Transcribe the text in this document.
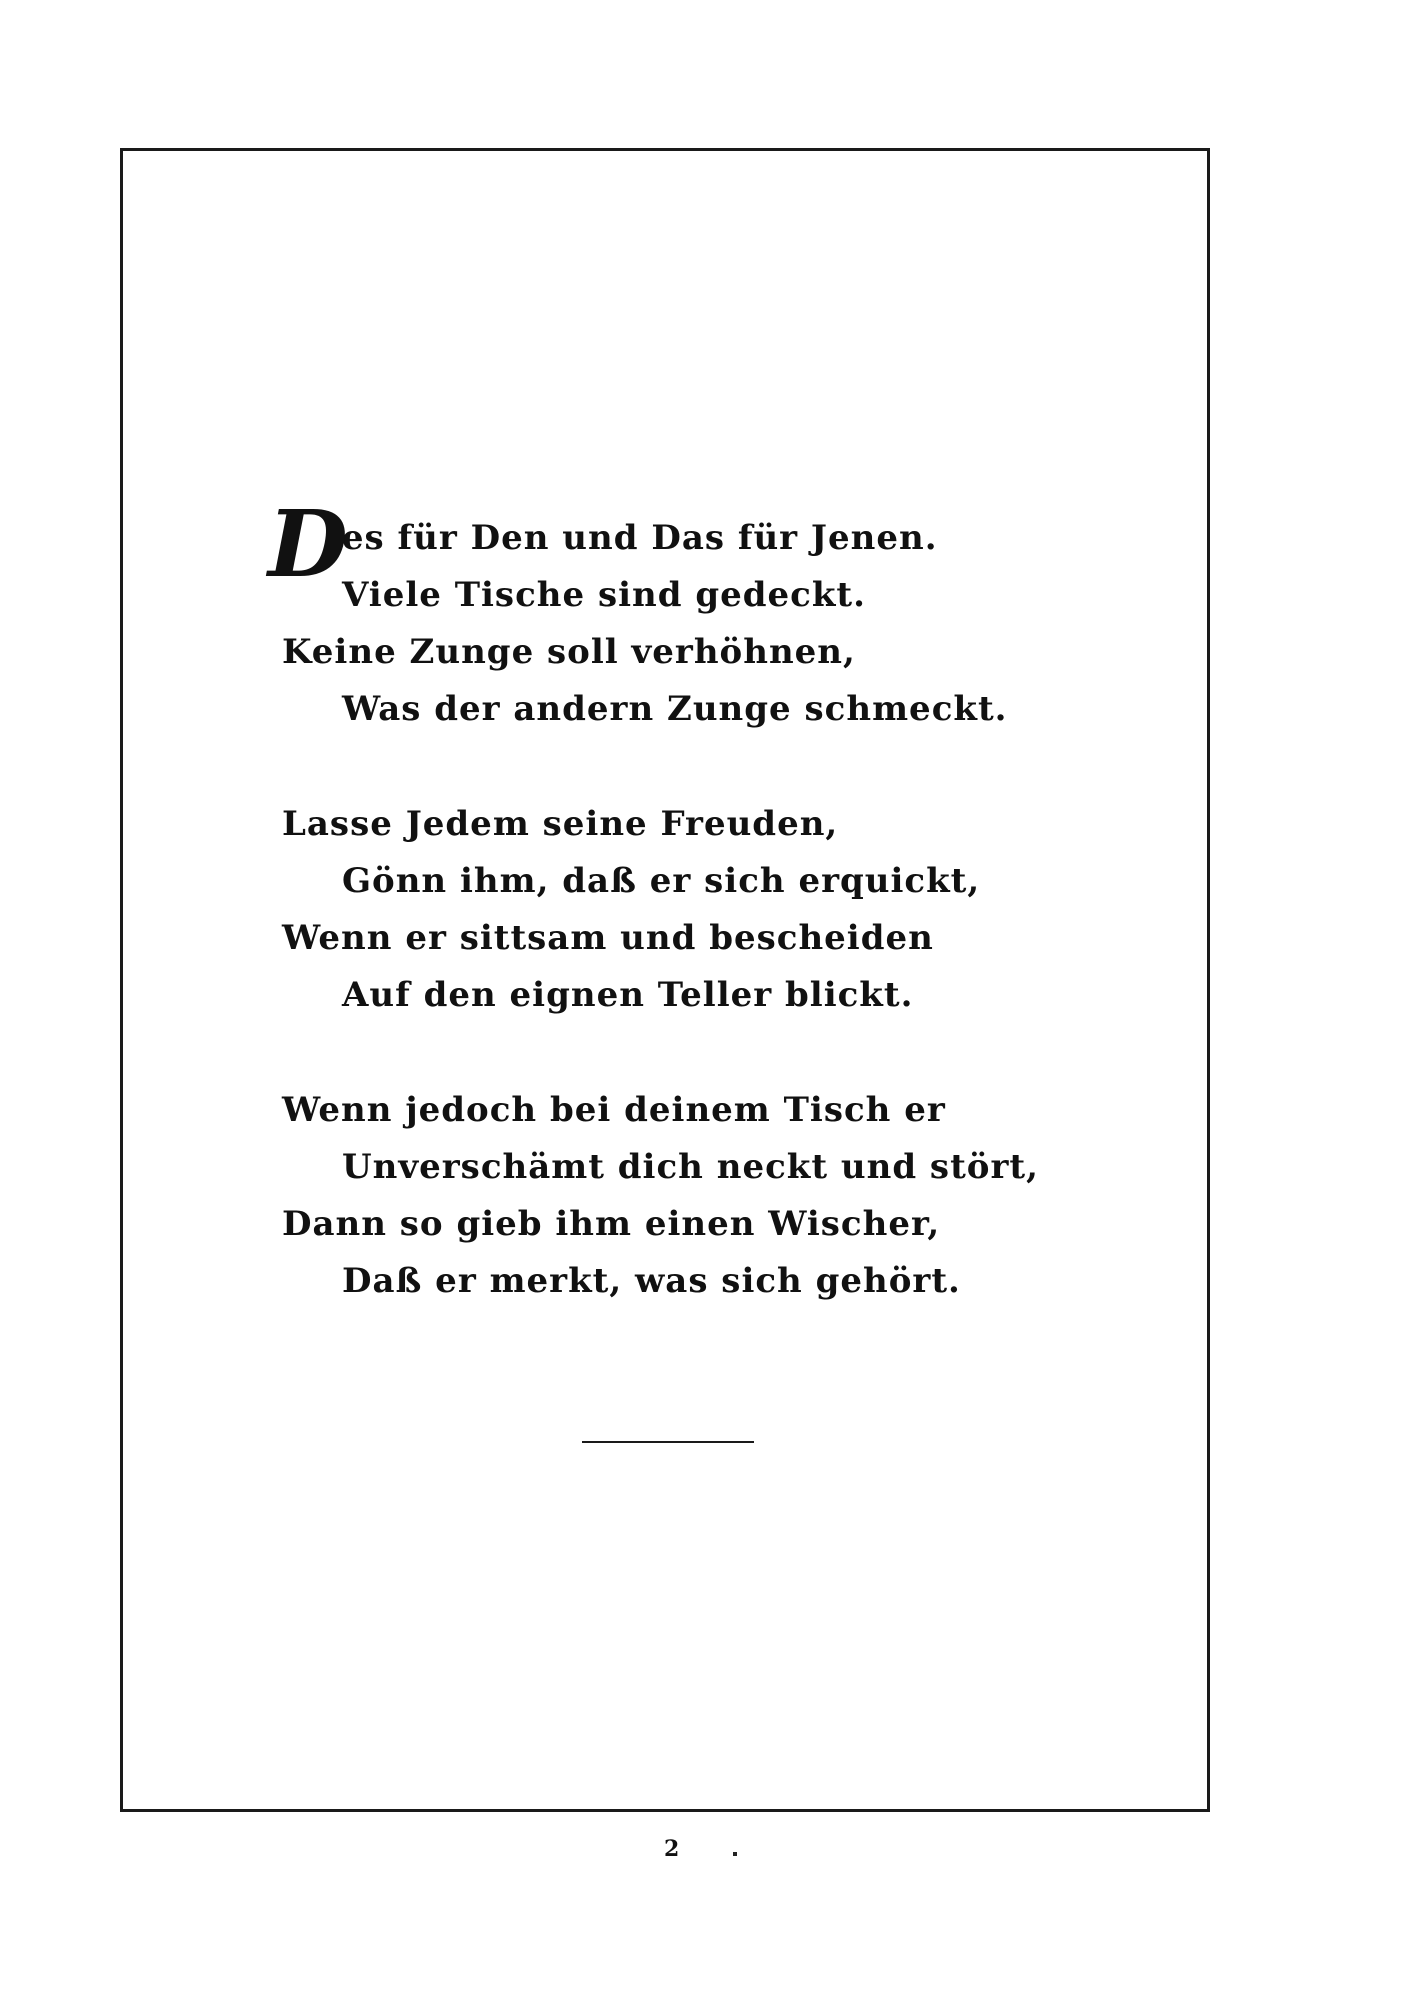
D
ies für Den und Das für Jenen.
Viele Tische sind gedeckt.
Keine Zunge soll verhöhnen,
Was der andern Zunge schmeckt.
Lasse Jedem seine Freuden,
Gönn ihm, daß er sich erquickt,
Wenn er sittsam und bescheiden
Auf den eignen Teller blickt.
Wenn jedoch bei deinem Tisch er
Unverschämt dich neckt und stört,
Dann so gieb ihm einen Wischer,
Daß er merkt, was sich gehört.
2
